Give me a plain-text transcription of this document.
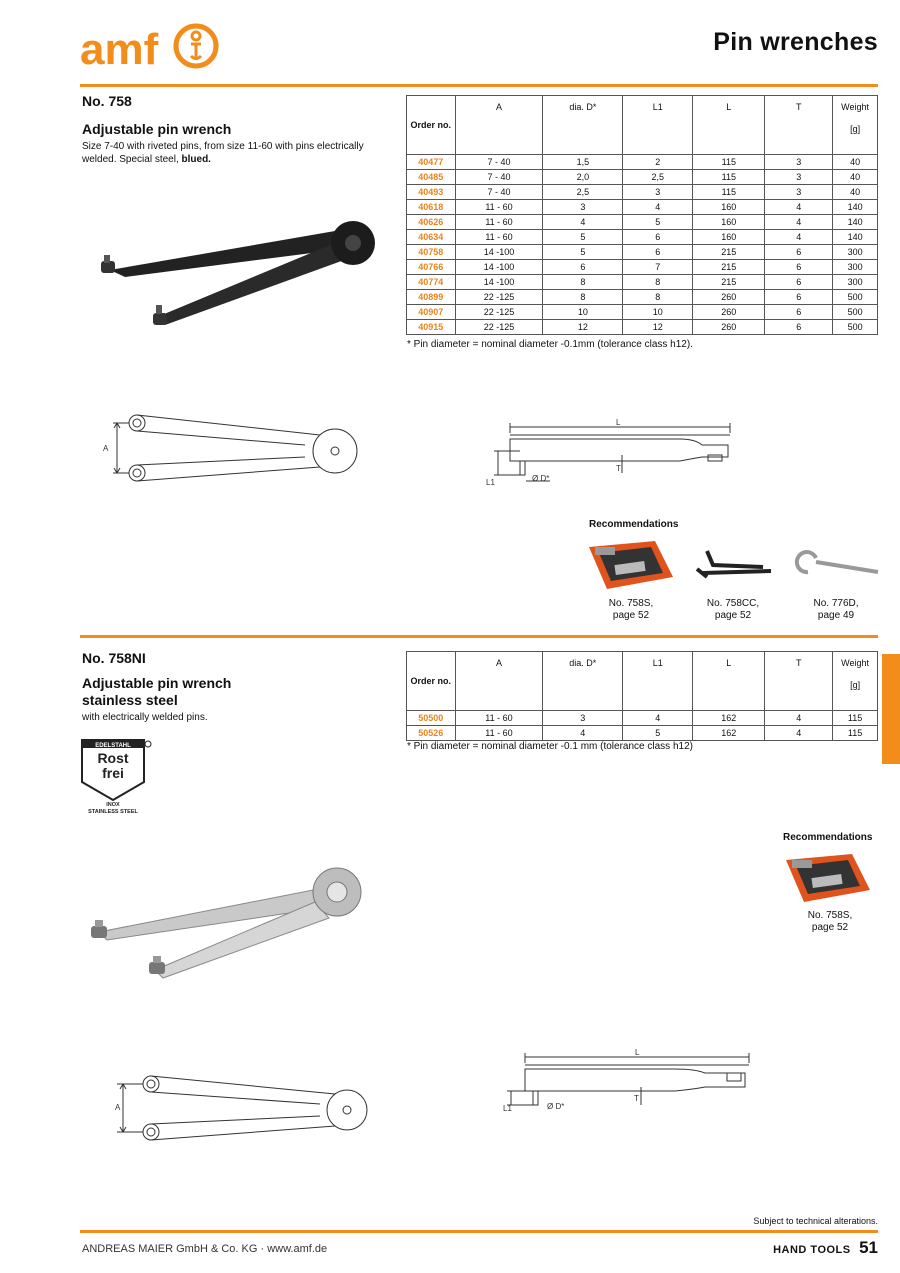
amf	Pin wrenches
No. 758
Adjustable pin wrench
Size 7-40 with riveted pins, from size 11-60 with pins electrically welded. Special steel, blued.
Order no.	A	dia. D*	L1	L	T	Weight
[g]

40477	7 - 40	1,5	2	115	3	40
40485	7 - 40	2,0	2,5	115	3	40
40493	7 - 40	2,5	3	115	3	40
40618	11 - 60	3	4	160	4	140
40626	11 - 60	4	5	160	4	140
40634	11 - 60	5	6	160	4	140
40758	14 -100	5	6	215	6	300
40766	14 -100	6	7	215	6	300
40774	14 -100	8	8	215	6	300
40899	22 -125	8	8	260	6	500
40907	22 -125	10	10	260	6	500
40915	22 -125	12	12	260	6	500
* Pin diameter = nominal diameter -0.1mm (tolerance class h12).
A
L
L1	Ø D*
T
Recommendations
No. 758S,
page 52
No. 758CC,
page 52
No. 776D,
page 49
No. 758NI
Adjustable pin wrench
stainless steel
with electrically welded pins.
EDELSTAHL
Rost
frei
INOX
STAINLESS STEEL
Order no.	A	dia. D*	L1	L	T	Weight
[g]

50500	11 - 60	3	4	162	4	115
50526	11 - 60	4	5	162	4	115
* Pin diameter = nominal diameter -0.1 mm (tolerance class h12)
Recommendations
No. 758S,
page 52
L
L1	Ø D*
T
A
Subject to technical alterations.
ANDREAS MAIER GmbH & Co. KG · www.amf.de	HAND TOOLS 51
